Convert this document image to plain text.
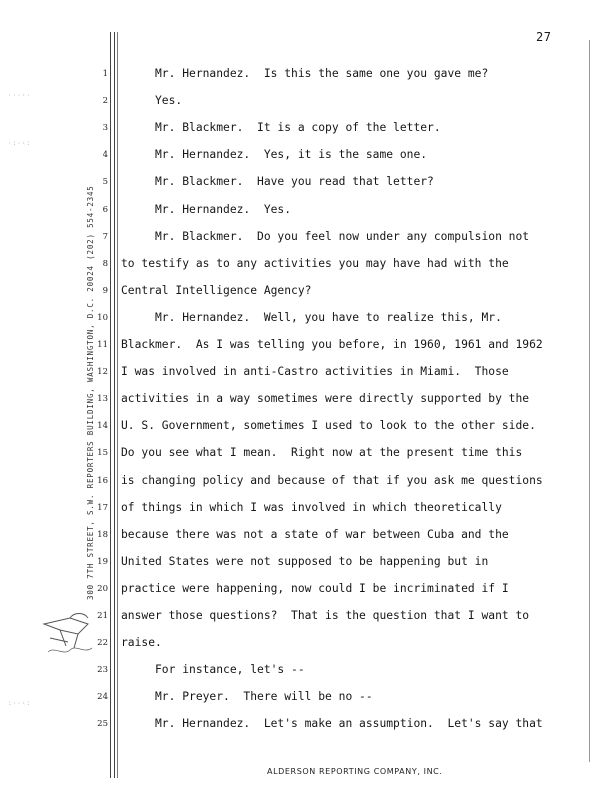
27
300 7TH STREET, S.W. REPORTERS BUILDING, WASHINGTON, D.C. 20024 (202) 554-2345
·····
·:··:
:···:
1 Mr. Hernandez.  Is this the same one you gave me?
2 Yes.
3 Mr. Blackmer.  It is a copy of the letter.
4 Mr. Hernandez.  Yes, it is the same one.
5 Mr. Blackmer.  Have you read that letter?
6 Mr. Hernandez.  Yes.
7 Mr. Blackmer.  Do you feel now under any compulsion not
8 to testify as to any activities you may have had with the
9 Central Intelligence Agency?
10 Mr. Hernandez.  Well, you have to realize this, Mr.
11 Blackmer.  As I was telling you before, in 1960, 1961 and 1962
12 I was involved in anti-Castro activities in Miami.  Those
13 activities in a way sometimes were directly supported by the
14 U. S. Government, sometimes I used to look to the other side.
15 Do you see what I mean.  Right now at the present time this
16 is changing policy and because of that if you ask me questions
17 of things in which I was involved in which theoretically
18 because there was not a state of war between Cuba and the
19 United States were not supposed to be happening but in
20 practice were happening, now could I be incriminated if I
21 answer those questions?  That is the question that I want to
22 raise.
23 For instance, let's --
24 Mr. Preyer.  There will be no --
25 Mr. Hernandez.  Let's make an assumption.  Let's say that
ALDERSON REPORTING COMPANY, INC.
